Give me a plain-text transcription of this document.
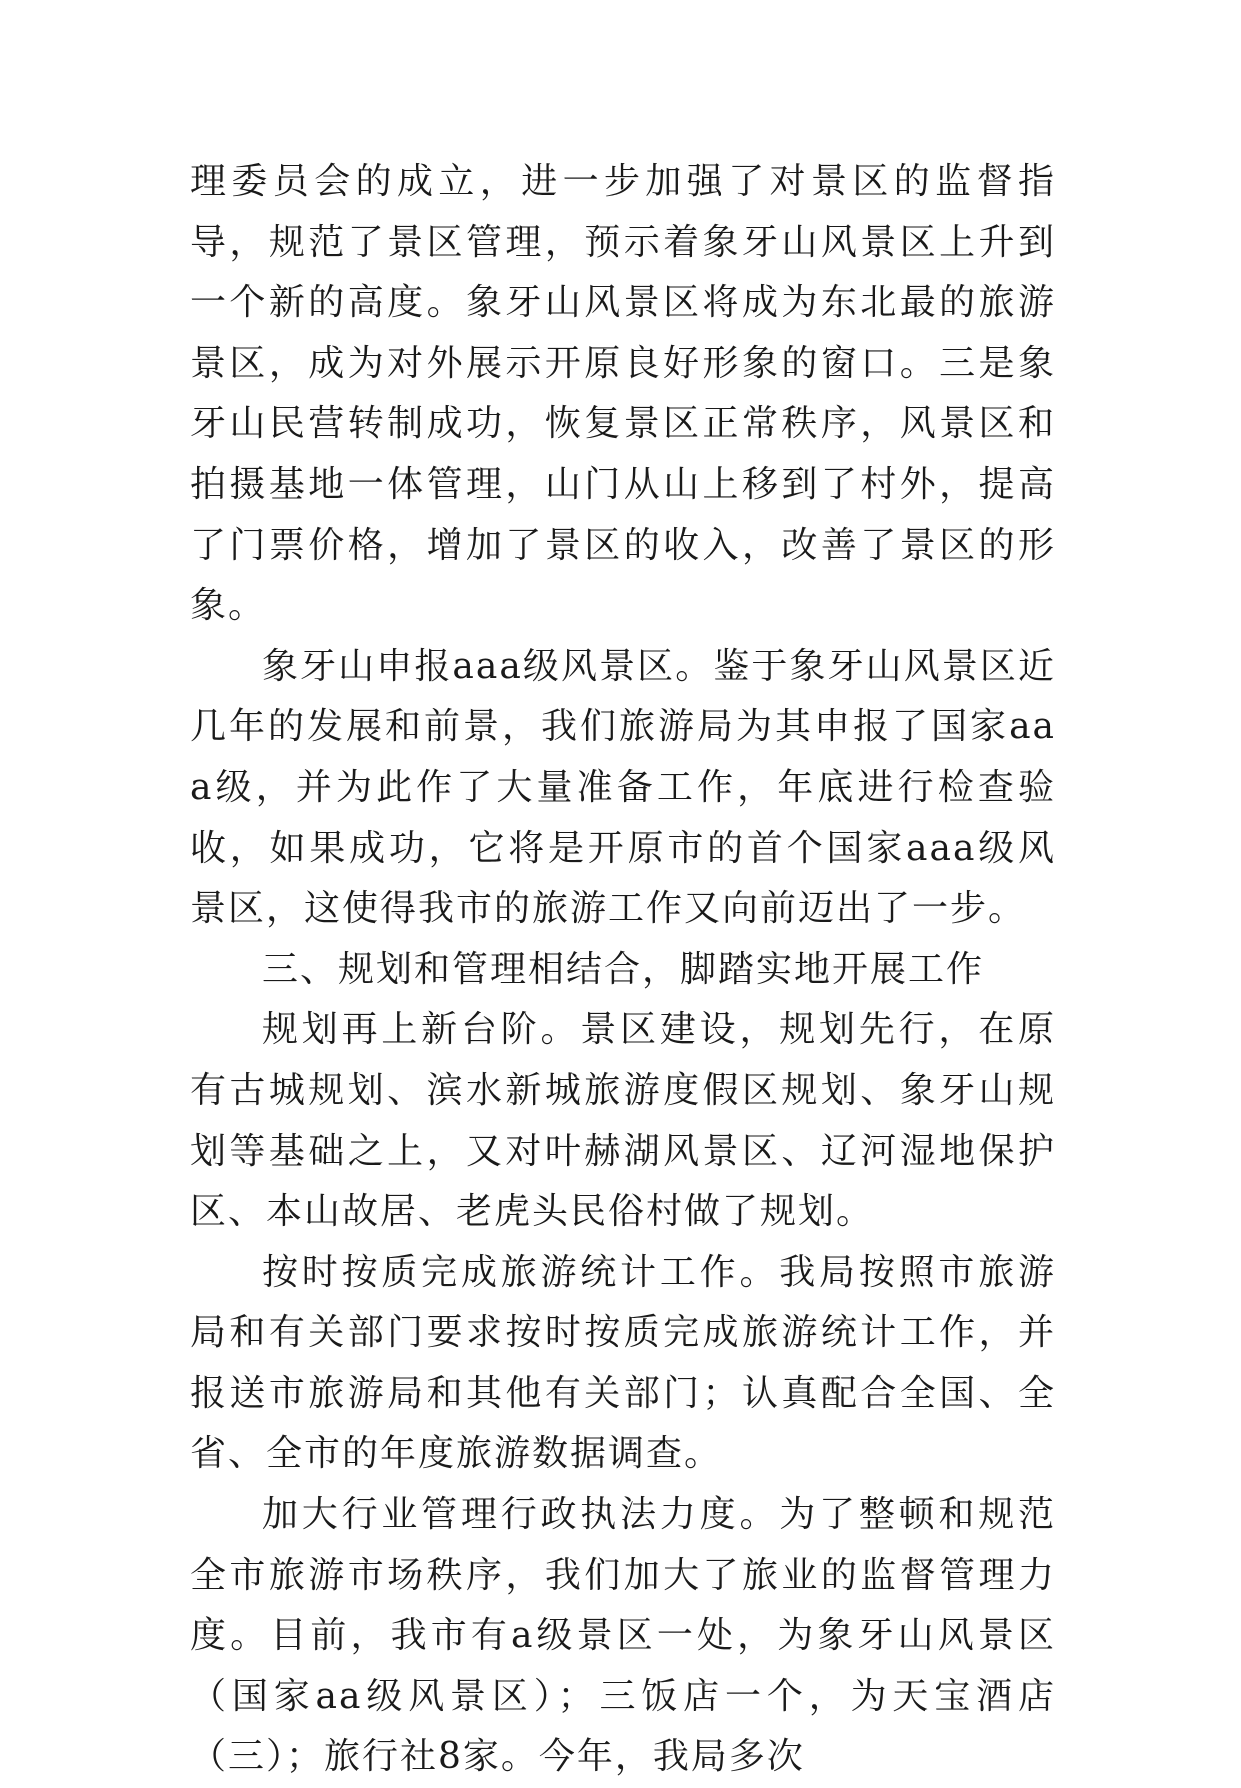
理委员会的成立，进一步加强了对景区的监督指导，规范了景区管理，预示着象牙山风景区上升到一个新的高度。象牙山风景区将成为东北最的旅游景区，成为对外展示开原良好形象的窗口。三是象牙山民营转制成功，恢复景区正常秩序，风景区和拍摄基地一体管理，山门从山上移到了村外，提高了门票价格，增加了景区的收入，改善了景区的形象。

象牙山申报aaa级风景区。鉴于象牙山风景区近几年的发展和前景，我们旅游局为其申报了国家aaa级，并为此作了大量准备工作，年底进行检查验收，如果成功，它将是开原市的首个国家aaa级风景区，这使得我市的旅游工作又向前迈出了一步。

三、规划和管理相结合，脚踏实地开展工作

规划再上新台阶。景区建设，规划先行，在原有古城规划、滨水新城旅游度假区规划、象牙山规划等基础之上，又对叶赫湖风景区、辽河湿地保护区、本山故居、老虎头民俗村做了规划。

按时按质完成旅游统计工作。我局按照市旅游局和有关部门要求按时按质完成旅游统计工作，并报送市旅游局和其他有关部门；认真配合全国、全省、全市的年度旅游数据调查。

加大行业管理行政执法力度。为了整顿和规范全市旅游市场秩序，我们加大了旅业的监督管理力度。目前，我市有a级景区一处，为象牙山风景区（国家aa级风景区）；三饭店一个，为天宝酒店（三）；旅行社8家。今年，我局多次
